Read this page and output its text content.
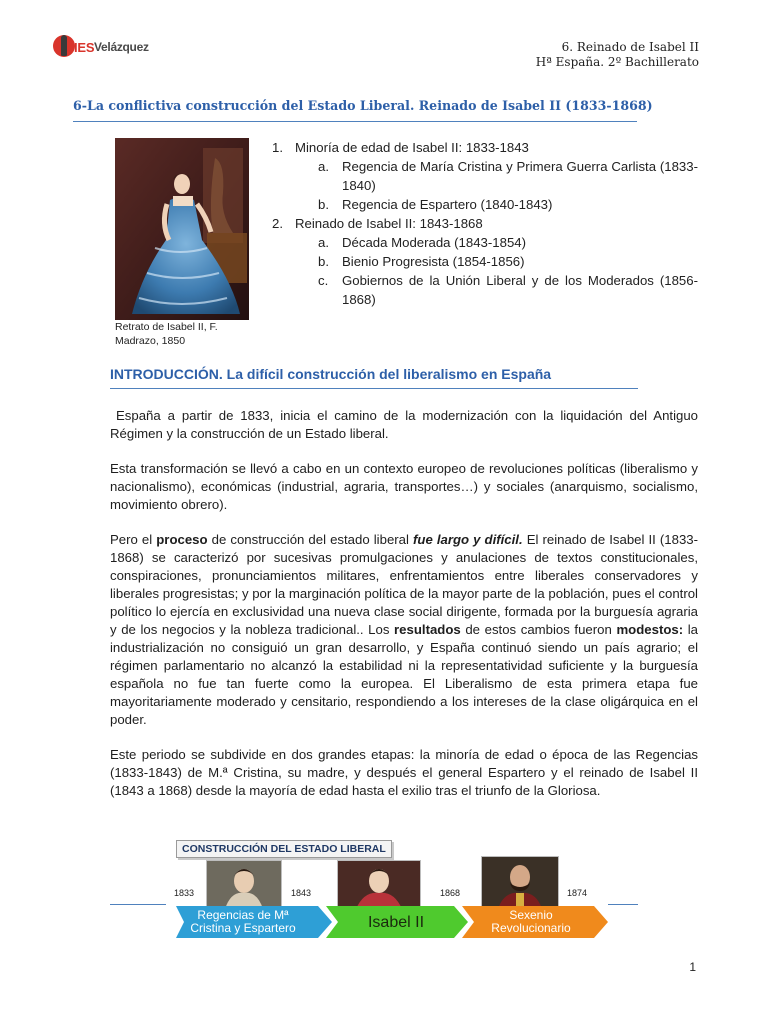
IES Velázquez	6. Reinado de Isabel II
Hª España. 2º Bachillerato
6-La conflictiva construcción del Estado Liberal. Reinado de Isabel II (1833-1868)
Retrato de Isabel II, F. Madrazo, 1850
1. Minoría de edad de Isabel II: 1833-1843
a. Regencia de María Cristina y Primera Guerra Carlista (1833-1840)
b. Regencia de Espartero (1840-1843)
2. Reinado de Isabel II: 1843-1868
a. Década Moderada (1843-1854)
b. Bienio Progresista (1854-1856)
c. Gobiernos de la Unión Liberal y de los Moderados (1856-1868)
INTRODUCCIÓN. La difícil construcción del liberalismo en España

España a partir de 1833, inicia el camino de la modernización con la liquidación del Antiguo Régimen y la construcción de un Estado liberal.

Esta transformación se llevó a cabo en un contexto europeo de revoluciones políticas (liberalismo y nacionalismo), económicas (industrial, agraria, transportes…) y sociales (anarquismo, socialismo, movimiento obrero).

Pero el proceso de construcción del estado liberal fue largo y difícil. El reinado de Isabel II (1833-1868) se caracterizó por sucesivas promulgaciones y anulaciones de textos constitucionales, conspiraciones, pronunciamientos militares, enfrentamientos entre liberales conservadores y liberales progresistas; y por la marginación política de la mayor parte de la población, pues el control político lo ejercía en exclusividad una nueva clase social dirigente, formada por la burguesía agraria y de los negocios y la nobleza tradicional.. Los resultados de estos cambios fueron modestos: la industrialización no consiguió un gran desarrollo, y España continuó siendo un país agrario; el régimen parlamentario no alcanzó la estabilidad ni la representatividad suficiente y la burguesía española no fue tan fuerte como la europea. El Liberalismo de esta primera etapa fue mayoritariamente moderado y censitario, respondiendo a los intereses de la clase oligárquica en el poder.

Este periodo se subdivide en dos grandes etapas: la minoría de edad o época de las Regencias (1833-1843) de M.ª Cristina, su madre, y después el general Espartero y el reinado de Isabel II (1843 a 1868) desde la mayoría de edad hasta el exilio tras el triunfo de la Gloriosa.

1833	1843	1868	1874
Regencias de Mª Cristina y Espartero	Isabel II	Sexenio Revolucionario
CONSTRUCCIÓN DEL ESTADO LIBERAL
1
